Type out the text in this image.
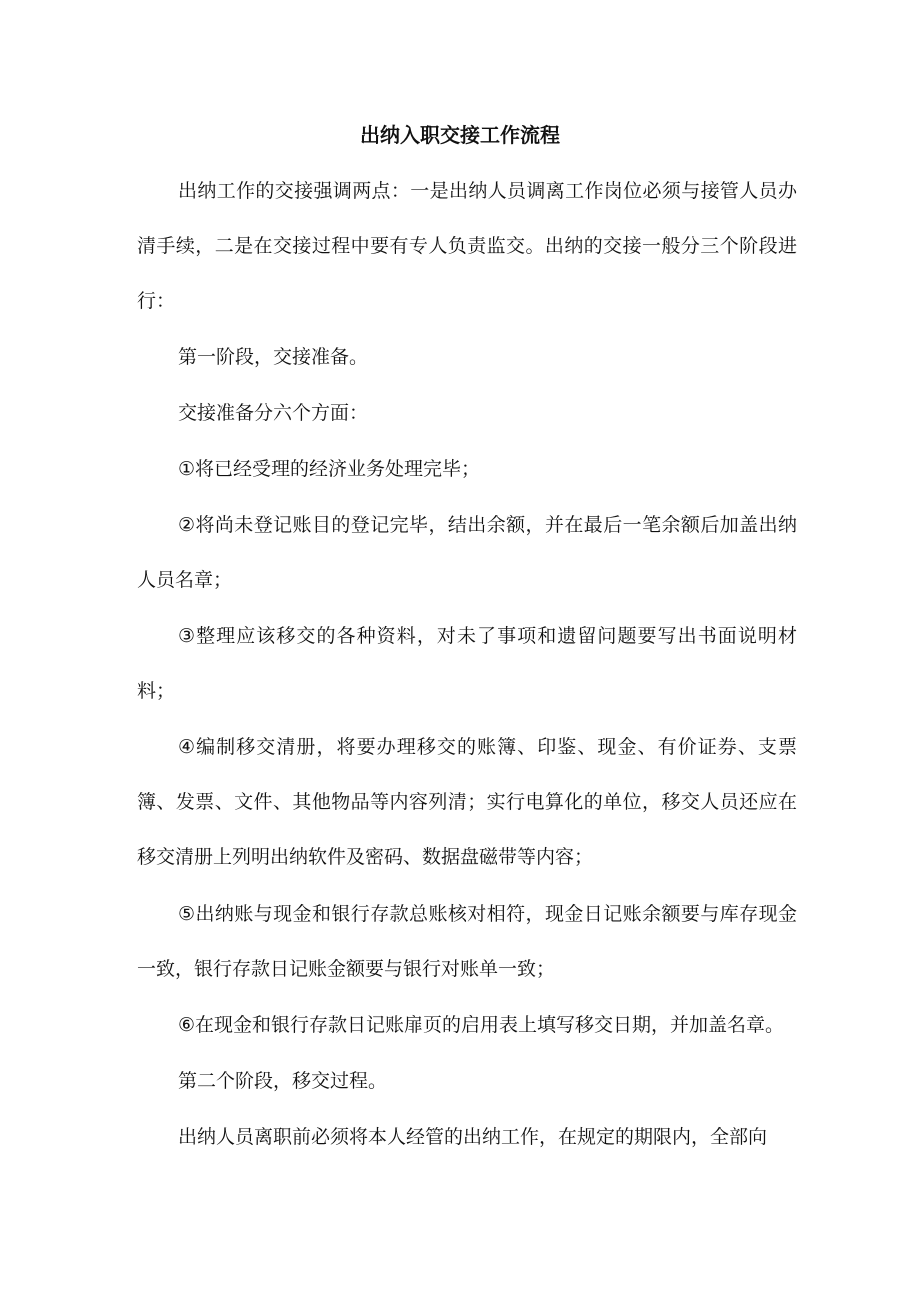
出纳入职交接工作流程

出纳工作的交接强调两点：一是出纳人员调离工作岗位必须与接管人员办清手续，二是在交接过程中要有专人负责监交。出纳的交接一般分三个阶段进行：

第一阶段，交接准备。

交接准备分六个方面：

①将已经受理的经济业务处理完毕；

②将尚未登记账目的登记完毕，结出余额，并在最后一笔余额后加盖出纳人员名章；

③整理应该移交的各种资料，对未了事项和遗留问题要写出书面说明材料；

④编制移交清册，将要办理移交的账簿、印鉴、现金、有价证券、支票簿、发票、文件、其他物品等内容列清；实行电算化的单位，移交人员还应在移交清册上列明出纳软件及密码、数据盘磁带等内容；

⑤出纳账与现金和银行存款总账核对相符，现金日记账余额要与库存现金一致，银行存款日记账金额要与银行对账单一致；

⑥在现金和银行存款日记账扉页的启用表上填写移交日期，并加盖名章。

第二个阶段，移交过程。

出纳人员离职前必须将本人经管的出纳工作，在规定的期限内，全部向
